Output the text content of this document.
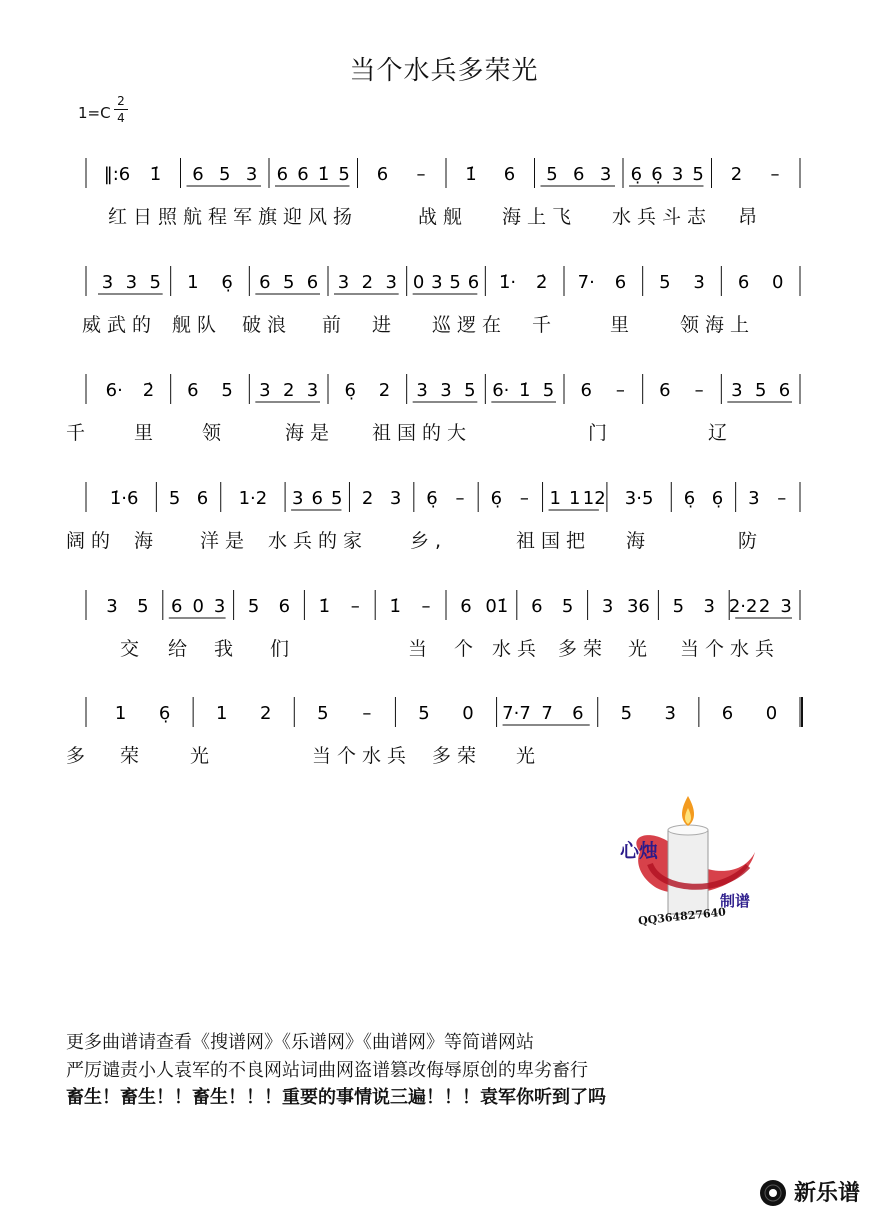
当个水兵多荣光
1=C
2
4
‖:6 1̇ 6 5 3 6 6 1̇ 5 6 – 1̇ 6 5 6 3 6̣ 6̣ 3 5 2 –
3 3 5 1 6̣ 6 5 6 3 2 3 0 3 5 6 1̇· 2̇ 7· 6 5 3 6 0
6· 2̇ 6 5 3 2 3 6̣ 2 3 3 5 6· 1̇ 5 6 – 6 – 3 5 6
1̇·6 5 6 1·2 3 6 5 2 3 6̣ – 6̣ – 1 1 12 3·5 6̣ 6̣ 3 –
3 5 6 0 3 5 6 1̇ – 1̇ – 6 01̇ 6 5 3 36 5 3 2·2 2 3
1 6̣	1 2	5 –	5 0 7·7 7 6 5 3	6 0
红日照航程军旗迎风扬	战舰 海上飞 水兵斗志 昂
威武的 舰队 破浪 前 进 巡逻在 千	里 领海上
千 里 领	海是 祖国的大	门	辽
阔的 海 洋是 水兵的家 乡,	祖国把 海	防
交 给 我 们	当 个 水兵 多荣 光 当个水兵
多 荣 光	当个水兵 多荣 光
心烛
制谱
QQ364827640
更多曲谱请查看《搜谱网》《乐谱网》《曲谱网》等简谱网站
严厉谴责小人袁军的不良网站词曲网盗谱篡改侮辱原创的卑劣畜行
畜生！畜生！！畜生！！！重要的事情说三遍！！！袁军你听到了吗
新乐谱
